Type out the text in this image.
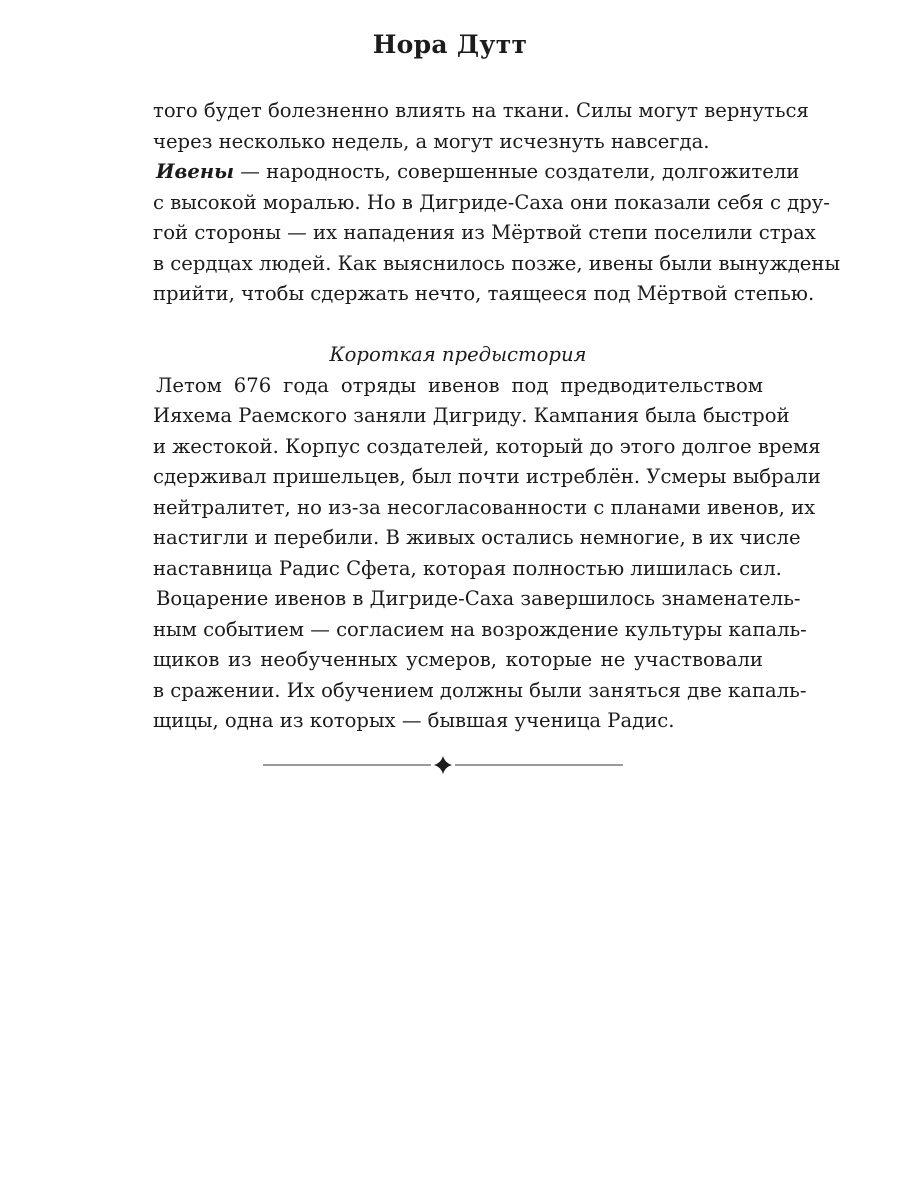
Нора Дутт
того будет болезненно влиять на ткани. Силы могут вернуться
через несколько недель, а могут исчезнуть навсегда.
Ивены — народность, совершенные создатели, долгожители
с высокой моралью. Но в Дигриде-Саха они показали себя с дру-
гой стороны — их нападения из Мёртвой степи поселили страх
в сердцах людей. Как выяснилось позже, ивены были вынуждены
прийти, чтобы сдержать нечто, таящееся под Мёртвой степью.
Короткая предыстория
Летом 676 года отряды ивенов под предводительством
Ияхема Раемского заняли Дигриду. Кампания была быстрой
и жестокой. Корпус создателей, который до этого долгое время
сдерживал пришельцев, был почти истреблён. Усмеры выбрали
нейтралитет, но из-за несогласованности с планами ивенов, их
настигли и перебили. В живых остались немногие, в их числе
наставница Радис Сфета, которая полностью лишилась сил.
Воцарение ивенов в Дигриде-Саха завершилось знаменатель-
ным событием — согласием на возрождение культуры капаль-
щиков из необученных усмеров, которые не участвовали
в сражении. Их обучением должны были заняться две капаль-
щицы, одна из которых — бывшая ученица Радис.
